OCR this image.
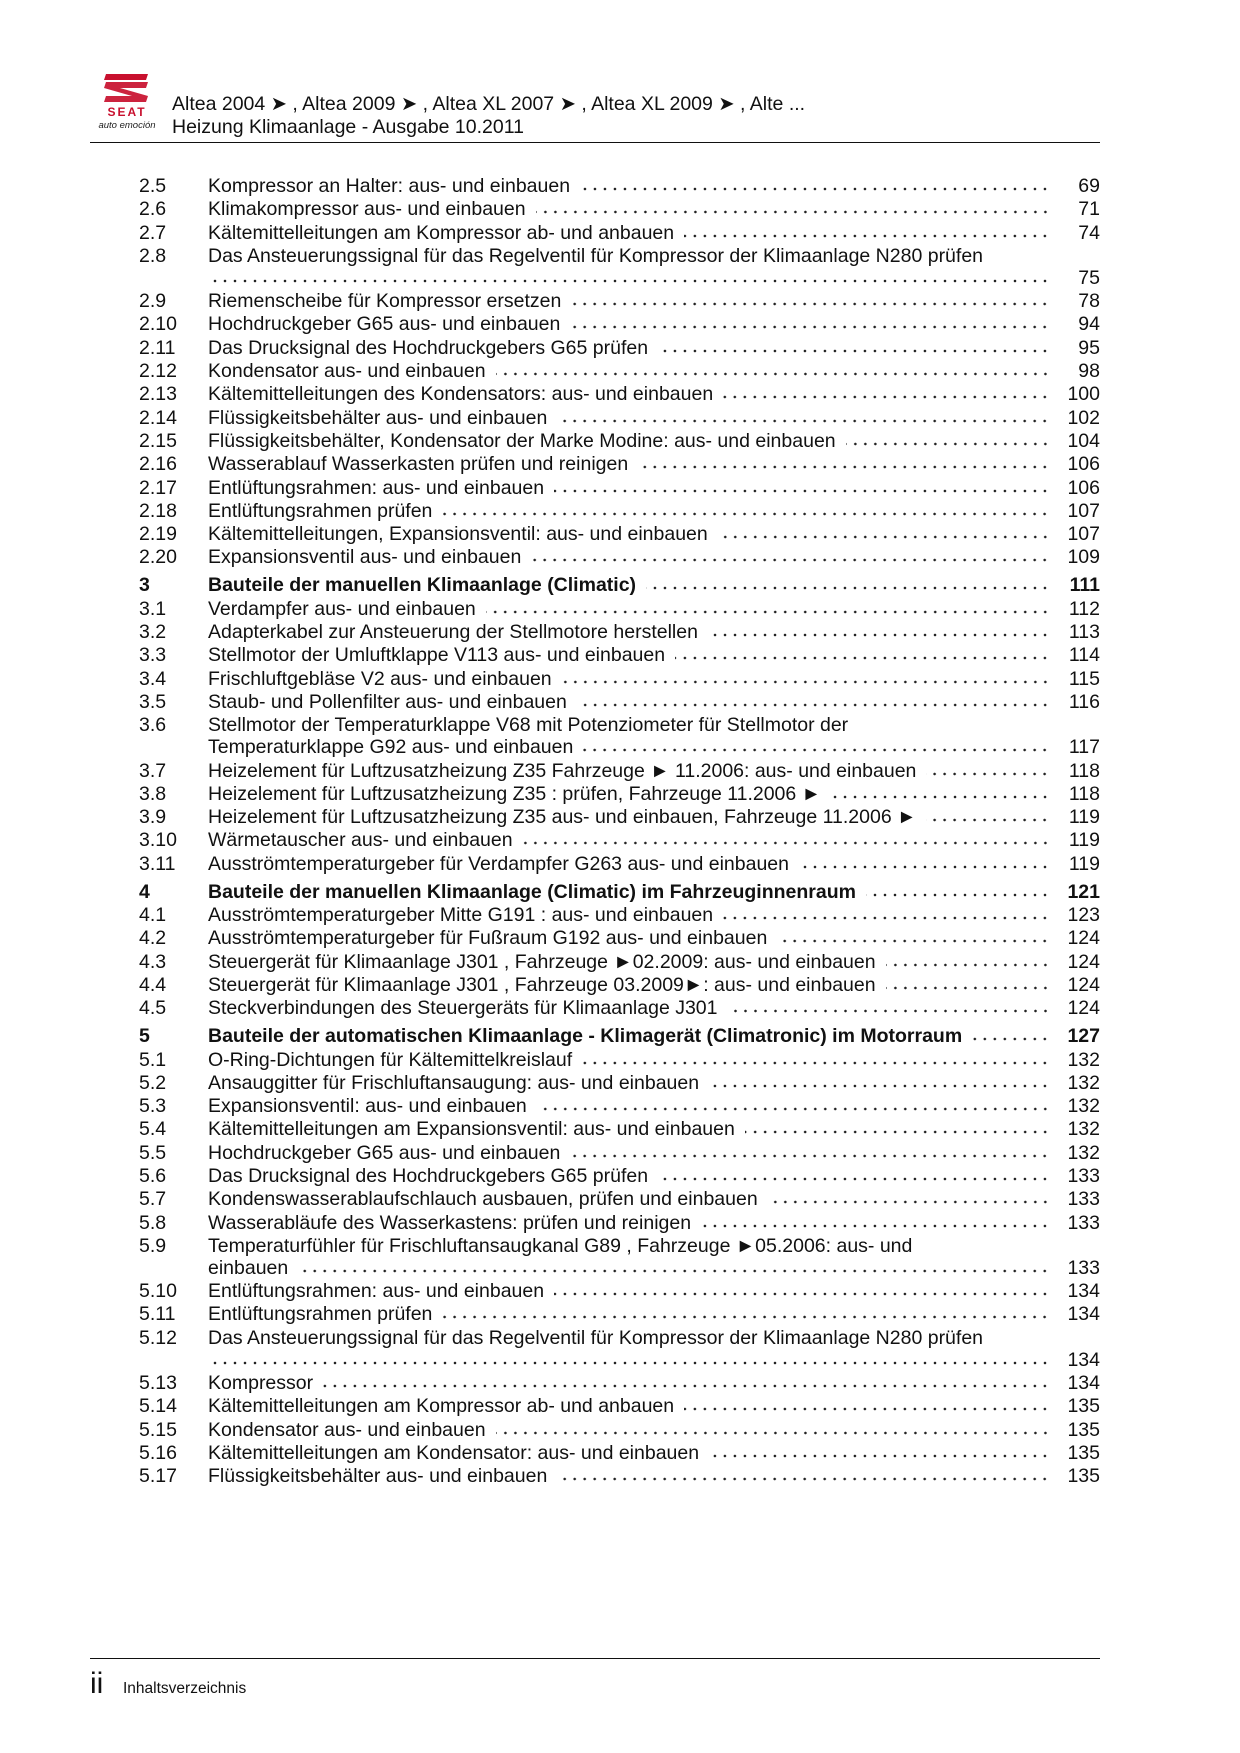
SEAT
auto emoción
Altea 2004 ➤ , Altea 2009 ➤ , Altea XL 2007 ➤ , Altea XL 2009 ➤ , Alte ...
Heizung Klimaanlage - Ausgabe 10.2011
2.5	Kompressor an Halter: aus- und einbauen	69
2.6	Klimakompressor aus- und einbauen	71
2.7	Kältemittelleitungen am Kompressor ab- und anbauen	74
2.8	Das Ansteuerungssignal für das Regelventil für Kompressor der Klimaanlage N280 prüfen
75
2.9	Riemenscheibe für Kompressor ersetzen	78
2.10	Hochdruckgeber G65 aus- und einbauen	94
2.11	Das Drucksignal des Hochdruckgebers G65 prüfen	95
2.12	Kondensator aus- und einbauen	98
2.13	Kältemittelleitungen des Kondensators: aus- und einbauen	100
2.14	Flüssigkeitsbehälter aus- und einbauen	102
2.15	Flüssigkeitsbehälter, Kondensator der Marke Modine: aus- und einbauen	104
2.16	Wasserablauf Wasserkasten prüfen und reinigen	106
2.17	Entlüftungsrahmen: aus- und einbauen	106
2.18	Entlüftungsrahmen prüfen	107
2.19	Kältemittelleitungen, Expansionsventil: aus- und einbauen	107
2.20	Expansionsventil aus- und einbauen	109
3	Bauteile der manuellen Klimaanlage (Climatic)	111
3.1	Verdampfer aus- und einbauen	112
3.2	Adapterkabel zur Ansteuerung der Stellmotore herstellen	113
3.3	Stellmotor der Umluftklappe V113 aus- und einbauen	114
3.4	Frischluftgebläse V2 aus- und einbauen	115
3.5	Staub- und Pollenfilter aus- und einbauen	116
3.6	Stellmotor der Temperaturklappe V68 mit Potenziometer für Stellmotor der
Temperaturklappe G92 aus- und einbauen	117
3.7	Heizelement für Luftzusatzheizung Z35 Fahrzeuge ► 11.2006: aus- und einbauen	118
3.8	Heizelement für Luftzusatzheizung Z35 : prüfen, Fahrzeuge 11.2006 ►	118
3.9	Heizelement für Luftzusatzheizung Z35 aus- und einbauen, Fahrzeuge 11.2006 ►	119
3.10	Wärmetauscher aus- und einbauen	119
3.11	Ausströmtemperaturgeber für Verdampfer G263 aus- und einbauen	119
4	Bauteile der manuellen Klimaanlage (Climatic) im Fahrzeuginnenraum	121
4.1	Ausströmtemperaturgeber Mitte G191 : aus- und einbauen	123
4.2	Ausströmtemperaturgeber für Fußraum G192 aus- und einbauen	124
4.3	Steuergerät für Klimaanlage J301 , Fahrzeuge ►02.2009: aus- und einbauen	124
4.4	Steuergerät für Klimaanlage J301 , Fahrzeuge 03.2009►: aus- und einbauen	124
4.5	Steckverbindungen des Steuergeräts für Klimaanlage J301	124
5	Bauteile der automatischen Klimaanlage - Klimagerät (Climatronic) im Motorraum	127
5.1	O-Ring-Dichtungen für Kältemittelkreislauf	132
5.2	Ansauggitter für Frischluftansaugung: aus- und einbauen	132
5.3	Expansionsventil: aus- und einbauen	132
5.4	Kältemittelleitungen am Expansionsventil: aus- und einbauen	132
5.5	Hochdruckgeber G65 aus- und einbauen	132
5.6	Das Drucksignal des Hochdruckgebers G65 prüfen	133
5.7	Kondenswasserablaufschlauch ausbauen, prüfen und einbauen	133
5.8	Wasserabläufe des Wasserkastens: prüfen und reinigen	133
5.9	Temperaturfühler für Frischluftansaugkanal G89 , Fahrzeuge ►05.2006: aus- und
einbauen	133
5.10	Entlüftungsrahmen: aus- und einbauen	134
5.11	Entlüftungsrahmen prüfen	134
5.12	Das Ansteuerungssignal für das Regelventil für Kompressor der Klimaanlage N280 prüfen
134
5.13	Kompressor	134
5.14	Kältemittelleitungen am Kompressor ab- und anbauen	135
5.15	Kondensator aus- und einbauen	135
5.16	Kältemittelleitungen am Kondensator: aus- und einbauen	135
5.17	Flüssigkeitsbehälter aus- und einbauen	135
ii Inhaltsverzeichnis
